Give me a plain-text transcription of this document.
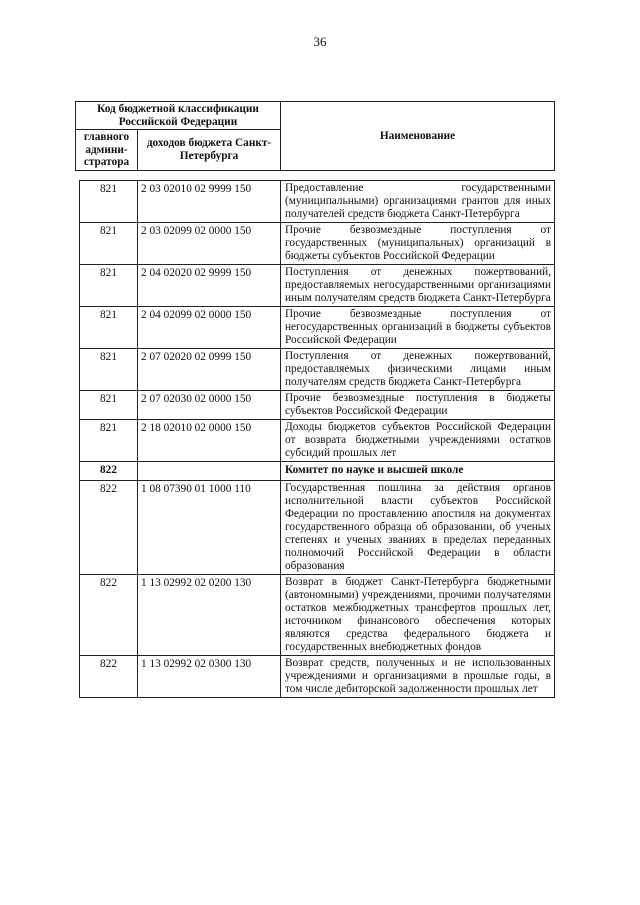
36
Код бюджетной классификации Российской Федерации		Наименование
главного админи-стратора	доходов бюджета Санкт-Петербурга	
821	2 03 02010 02 9999 150	Предоставление государственными (муниципальными) организациями грантов для иных получателей средств бюджета Санкт-Петербурга
821	2 03 02099 02 0000 150	Прочие безвозмездные поступления от государственных (муниципальных) организаций в бюджеты субъектов Российской Федерации
821	2 04 02020 02 9999 150	Поступления от денежных пожертвований, предоставляемых негосударственными организациями иным получателям средств бюджета Санкт-Петербурга
821	2 04 02099 02 0000 150	Прочие безвозмездные поступления от негосударственных организаций в бюджеты субъектов Российской Федерации
821	2 07 02020 02 0999 150	Поступления от денежных пожертвований, предоставляемых физическими лицами иным получателям средств бюджета Санкт-Петербурга
821	2 07 02030 02 0000 150	Прочие безвозмездные поступления в бюджеты субъектов Российской Федерации
821	2 18 02010 02 0000 150	Доходы бюджетов субъектов Российской Федерации от возврата бюджетными учреждениями остатков субсидий прошлых лет
822		Комитет по науке и высшей школе
822	1 08 07390 01 1000 110	Государственная пошлина за действия органов исполнительной власти субъектов Российской Федерации по проставлению апостиля на документах государственного образца об образовании, об ученых степенях и ученых званиях в пределах переданных полномочий Российской Федерации в области образования
822	1 13 02992 02 0200 130	Возврат в бюджет Санкт-Петербурга бюджетными (автономными) учреждениями, прочими получателями остатков межбюджетных трансфертов прошлых лет, источником финансового обеспечения которых являются средства федерального бюджета и государственных внебюджетных фондов
822	1 13 02992 02 0300 130	Возврат средств, полученных и не использованных учреждениями и организациями в прошлые годы, в том числе дебиторской задолженности прошлых лет
